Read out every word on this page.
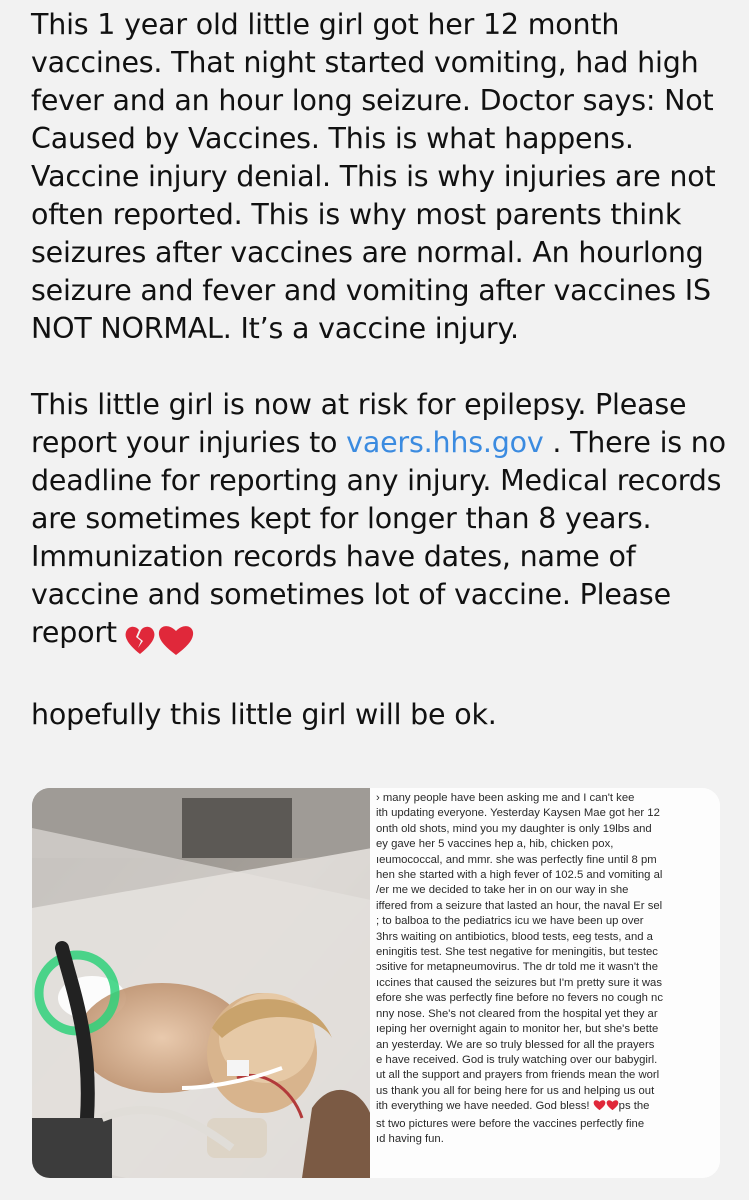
This 1 year old little girl got her 12 month vaccines. That night started vomiting, had high fever and an hour long seizure. Doctor says: Not Caused by Vaccines. This is what happens. Vaccine injury denial. This is why injuries are not often reported. This is why most parents think seizures after vaccines are normal. An hourlong seizure and fever and vomiting after vaccines IS NOT NORMAL. It’s a vaccine injury.

This little girl is now at risk for epilepsy. Please report your injuries to vaers.hhs.gov . There is no deadline for reporting any injury. Medical records are sometimes kept for longer than 8 years. Immunization records have dates, name of vaccine and sometimes lot of vaccine. Please report

hopefully this little girl will be ok.

› many people have been asking me and I can't kee
ith updating everyone. Yesterday Kaysen Mae got her 12
onth old shots, mind you my daughter is only 19lbs and
ey gave her 5 vaccines hep a, hib, chicken pox,
ıeumococcal, and mmr. she was perfectly fine until 8 pm
hen she started with a high fever of 102.5 and vomiting al
/er me we decided to take her in on our way in she
iffered from a seizure that lasted an hour, the naval Er sel
; to balboa to the pediatrics icu we have been up over
3hrs waiting on antibiotics, blood tests, eeg tests, and a
eningitis test. She test negative for meningitis, but testec
ɔsitive for metapneumovirus. The dr told me it wasn't the
ıccines that caused the seizures but I'm pretty sure it was
efore she was perfectly fine before no fevers no cough nc
nny nose. She's not cleared from the hospital yet they ar
ıeping her overnight again to monitor her, but she's bette
an yesterday. We are so truly blessed for all the prayers
e have received. God is truly watching over our babygirl.
ut all the support and prayers from friends mean the worl
us thank you all for being here for us and helping us out
ith everything we have needed. God bless!	ps the
st two pictures were before the vaccines perfectly fine
ıd having fun.
